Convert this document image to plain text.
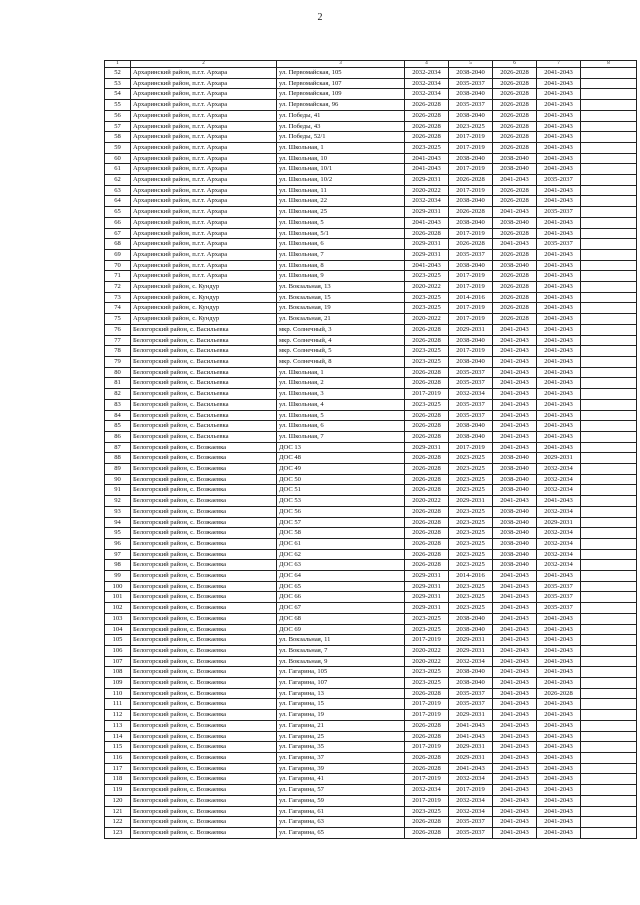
2
1	2	3	4	5	6	7	8
52	Архаринский район, п.г.т. Архара	ул. Первомайская, 105	2032-2034	2038-2040	2026-2028	2041-2043	
53	Архаринский район, п.г.т. Архара	ул. Первомайская, 107	2032-2034	2035-2037	2026-2028	2041-2043	
54	Архаринский район, п.г.т. Архара	ул. Первомайская, 109	2032-2034	2038-2040	2026-2028	2041-2043	
55	Архаринский район, п.г.т. Архара	ул. Первомайская, 96	2026-2028	2035-2037	2026-2028	2041-2043	
56	Архаринский район, п.г.т. Архара	ул. Победы, 41	2026-2028	2038-2040	2026-2028	2041-2043	
57	Архаринский район, п.г.т. Архара	ул. Победы, 43	2026-2028	2023-2025	2026-2028	2041-2043	
58	Архаринский район, п.г.т. Архара	ул. Победы, 52/1	2026-2028	2017-2019	2026-2028	2041-2043	
59	Архаринский район, п.г.т. Архара	ул. Школьная, 1	2023-2025	2017-2019	2026-2028	2041-2043	
60	Архаринский район, п.г.т. Архара	ул. Школьная, 10	2041-2043	2038-2040	2038-2040	2041-2043	
61	Архаринский район, п.г.т. Архара	ул. Школьная, 10/1	2041-2043	2017-2019	2038-2040	2041-2043	
62	Архаринский район, п.г.т. Архара	ул. Школьная, 10/2	2029-2031	2026-2028	2041-2043	2035-2037	
63	Архаринский район, п.г.т. Архара	ул. Школьная, 11	2020-2022	2017-2019	2026-2028	2041-2043	
64	Архаринский район, п.г.т. Архара	ул. Школьная, 22	2032-2034	2038-2040	2026-2028	2041-2043	
65	Архаринский район, п.г.т. Архара	ул. Школьная, 25	2029-2031	2026-2028	2041-2043	2035-2037	
66	Архаринский район, п.г.т. Архара	ул. Школьная, 5	2041-2043	2038-2040	2038-2040	2041-2043	
67	Архаринский район, п.г.т. Архара	ул. Школьная, 5/1	2026-2028	2017-2019	2026-2028	2041-2043	
68	Архаринский район, п.г.т. Архара	ул. Школьная, 6	2029-2031	2026-2028	2041-2043	2035-2037	
69	Архаринский район, п.г.т. Архара	ул. Школьная, 7	2029-2031	2035-2037	2026-2028	2041-2043	
70	Архаринский район, п.г.т. Архара	ул. Школьная, 8	2041-2043	2038-2040	2038-2040	2041-2043	
71	Архаринский район, п.г.т. Архара	ул. Школьная, 9	2023-2025	2017-2019	2026-2028	2041-2043	
72	Архаринский район, с. Кундур	ул. Вокзальная, 13	2020-2022	2017-2019	2026-2028	2041-2043	
73	Архаринский район, с. Кундур	ул. Вокзальная, 15	2023-2025	2014-2016	2026-2028	2041-2043	
74	Архаринский район, с. Кундур	ул. Вокзальная, 19	2023-2025	2017-2019	2026-2028	2041-2043	
75	Архаринский район, с. Кундур	ул. Вокзальная, 21	2020-2022	2017-2019	2026-2028	2041-2043	
76	Белогорский район, с. Васильевка	мкр. Солнечный, 3	2026-2028	2029-2031	2041-2043	2041-2043	
77	Белогорский район, с. Васильевка	мкр. Солнечный, 4	2026-2028	2038-2040	2041-2043	2041-2043	
78	Белогорский район, с. Васильевка	мкр. Солнечный, 5	2023-2025	2017-2019	2041-2043	2041-2043	
79	Белогорский район, с. Васильевка	мкр. Солнечный, 8	2023-2025	2038-2040	2041-2043	2041-2043	
80	Белогорский район, с. Васильевка	ул. Школьная, 1	2026-2028	2035-2037	2041-2043	2041-2043	
81	Белогорский район, с. Васильевка	ул. Школьная, 2	2026-2028	2035-2037	2041-2043	2041-2043	
82	Белогорский район, с. Васильевка	ул. Школьная, 3	2017-2019	2032-2034	2041-2043	2041-2043	
83	Белогорский район, с. Васильевка	ул. Школьная, 4	2023-2025	2035-2037	2041-2043	2041-2043	
84	Белогорский район, с. Васильевка	ул. Школьная, 5	2026-2028	2035-2037	2041-2043	2041-2043	
85	Белогорский район, с. Васильевка	ул. Школьная, 6	2026-2028	2038-2040	2041-2043	2041-2043	
86	Белогорский район, с. Васильевка	ул. Школьная, 7	2026-2028	2038-2040	2041-2043	2041-2043	
87	Белогорский район, с. Возжаевка	ДОС 13	2029-2031	2017-2019	2041-2043	2041-2043	
88	Белогорский район, с. Возжаевка	ДОС 48	2026-2028	2023-2025	2038-2040	2029-2031	
89	Белогорский район, с. Возжаевка	ДОС 49	2026-2028	2023-2025	2038-2040	2032-2034	
90	Белогорский район, с. Возжаевка	ДОС 50	2026-2028	2023-2025	2038-2040	2032-2034	
91	Белогорский район, с. Возжаевка	ДОС 51	2026-2028	2023-2025	2038-2040	2032-2034	
92	Белогорский район, с. Возжаевка	ДОС 53	2020-2022	2029-2031	2041-2043	2041-2043	
93	Белогорский район, с. Возжаевка	ДОС 56	2026-2028	2023-2025	2038-2040	2032-2034	
94	Белогорский район, с. Возжаевка	ДОС 57	2026-2028	2023-2025	2038-2040	2029-2031	
95	Белогорский район, с. Возжаевка	ДОС 58	2026-2028	2023-2025	2038-2040	2032-2034	
96	Белогорский район, с. Возжаевка	ДОС 61	2026-2028	2023-2025	2038-2040	2032-2034	
97	Белогорский район, с. Возжаевка	ДОС 62	2026-2028	2023-2025	2038-2040	2032-2034	
98	Белогорский район, с. Возжаевка	ДОС 63	2026-2028	2023-2025	2038-2040	2032-2034	
99	Белогорский район, с. Возжаевка	ДОС 64	2029-2031	2014-2016	2041-2043	2041-2043	
100	Белогорский район, с. Возжаевка	ДОС 65	2029-2031	2023-2025	2041-2043	2035-2037	
101	Белогорский район, с. Возжаевка	ДОС 66	2029-2031	2023-2025	2041-2043	2035-2037	
102	Белогорский район, с. Возжаевка	ДОС 67	2029-2031	2023-2025	2041-2043	2035-2037	
103	Белогорский район, с. Возжаевка	ДОС 68	2023-2025	2038-2040	2041-2043	2041-2043	
104	Белогорский район, с. Возжаевка	ДОС 69	2023-2025	2038-2040	2041-2043	2041-2043	
105	Белогорский район, с. Возжаевка	ул. Вокзальная, 11	2017-2019	2029-2031	2041-2043	2041-2043	
106	Белогорский район, с. Возжаевка	ул. Вокзальная, 7	2020-2022	2029-2031	2041-2043	2041-2043	
107	Белогорский район, с. Возжаевка	ул. Вокзальная, 9	2020-2022	2032-2034	2041-2043	2041-2043	
108	Белогорский район, с. Возжаевка	ул. Гагарина, 105	2023-2025	2038-2040	2041-2043	2041-2043	
109	Белогорский район, с. Возжаевка	ул. Гагарина, 107	2023-2025	2038-2040	2041-2043	2041-2043	
110	Белогорский район, с. Возжаевка	ул. Гагарина, 13	2026-2028	2035-2037	2041-2043	2026-2028	
111	Белогорский район, с. Возжаевка	ул. Гагарина, 15	2017-2019	2035-2037	2041-2043	2041-2043	
112	Белогорский район, с. Возжаевка	ул. Гагарина, 19	2017-2019	2029-2031	2041-2043	2041-2043	
113	Белогорский район, с. Возжаевка	ул. Гагарина, 21	2026-2028	2041-2043	2041-2043	2041-2043	
114	Белогорский район, с. Возжаевка	ул. Гагарина, 25	2026-2028	2041-2043	2041-2043	2041-2043	
115	Белогорский район, с. Возжаевка	ул. Гагарина, 35	2017-2019	2029-2031	2041-2043	2041-2043	
116	Белогорский район, с. Возжаевка	ул. Гагарина, 37	2026-2028	2029-2031	2041-2043	2041-2043	
117	Белогорский район, с. Возжаевка	ул. Гагарина, 39	2026-2028	2041-2043	2041-2043	2041-2043	
118	Белогорский район, с. Возжаевка	ул. Гагарина, 41	2017-2019	2032-2034	2041-2043	2041-2043	
119	Белогорский район, с. Возжаевка	ул. Гагарина, 57	2032-2034	2017-2019	2041-2043	2041-2043	
120	Белогорский район, с. Возжаевка	ул. Гагарина, 59	2017-2019	2032-2034	2041-2043	2041-2043	
121	Белогорский район, с. Возжаевка	ул. Гагарина, 61	2023-2025	2032-2034	2041-2043	2041-2043	
122	Белогорский район, с. Возжаевка	ул. Гагарина, 63	2026-2028	2035-2037	2041-2043	2041-2043	
123	Белогорский район, с. Возжаевка	ул. Гагарина, 65	2026-2028	2035-2037	2041-2043	2041-2043	
